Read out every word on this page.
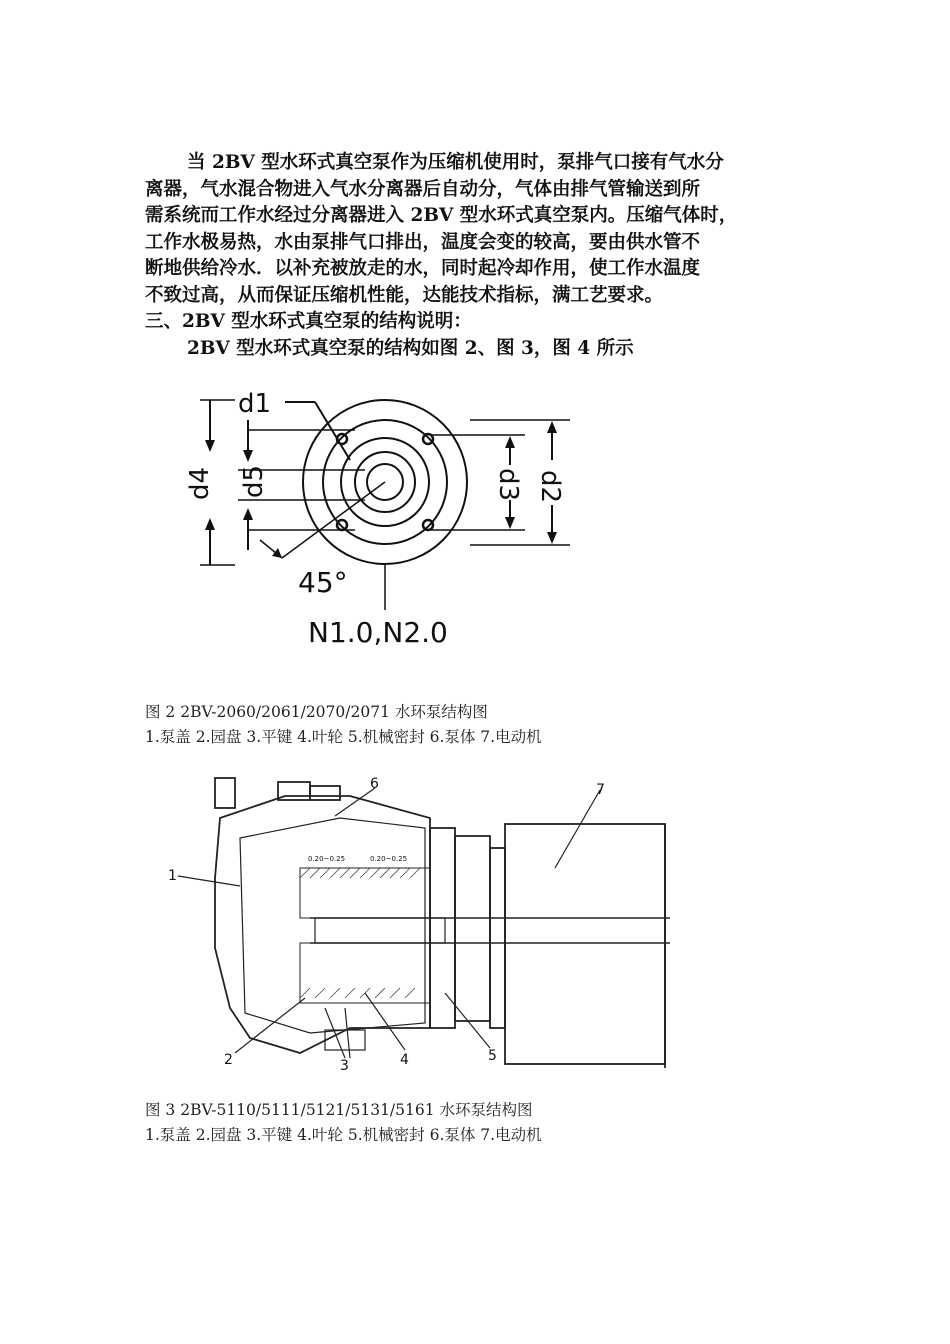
当 2BV 型水环式真空泵作为压缩机使用时，泵排气口接有气水分
离器，气水混合物进入气水分离器后自动分，气体由排气管输送到所
需系统而工作水经过分离器进入 2BV 型水环式真空泵内。压缩气体时，
工作水极易热，水由泵排气口排出，温度会变的较高，要由供水管不
断地供给冷水．以补充被放走的水，同时起冷却作用，使工作水温度
不致过高，从而保证压缩机性能，达能技术指标，满工艺要求。
三、2BV 型水环式真空泵的结构说明：
2BV 型水环式真空泵的结构如图 2、图 3，图 4 所示
d1
d4 d5	d3 d2
45°
N1.0,N2.0
图 2 2BV-2060/2061/2070/2071 水环泵结构图
1.泵盖 2.园盘 3.平键 4.叶轮 5.机械密封 6.泵体 7.电动机
1
2	3	4	5
6	7
0.20~0.25	0.20~0.25
图 3 2BV-5110/5111/5121/5131/5161 水环泵结构图
1.泵盖 2.园盘 3.平键 4.叶轮 5.机械密封 6.泵体 7.电动机
